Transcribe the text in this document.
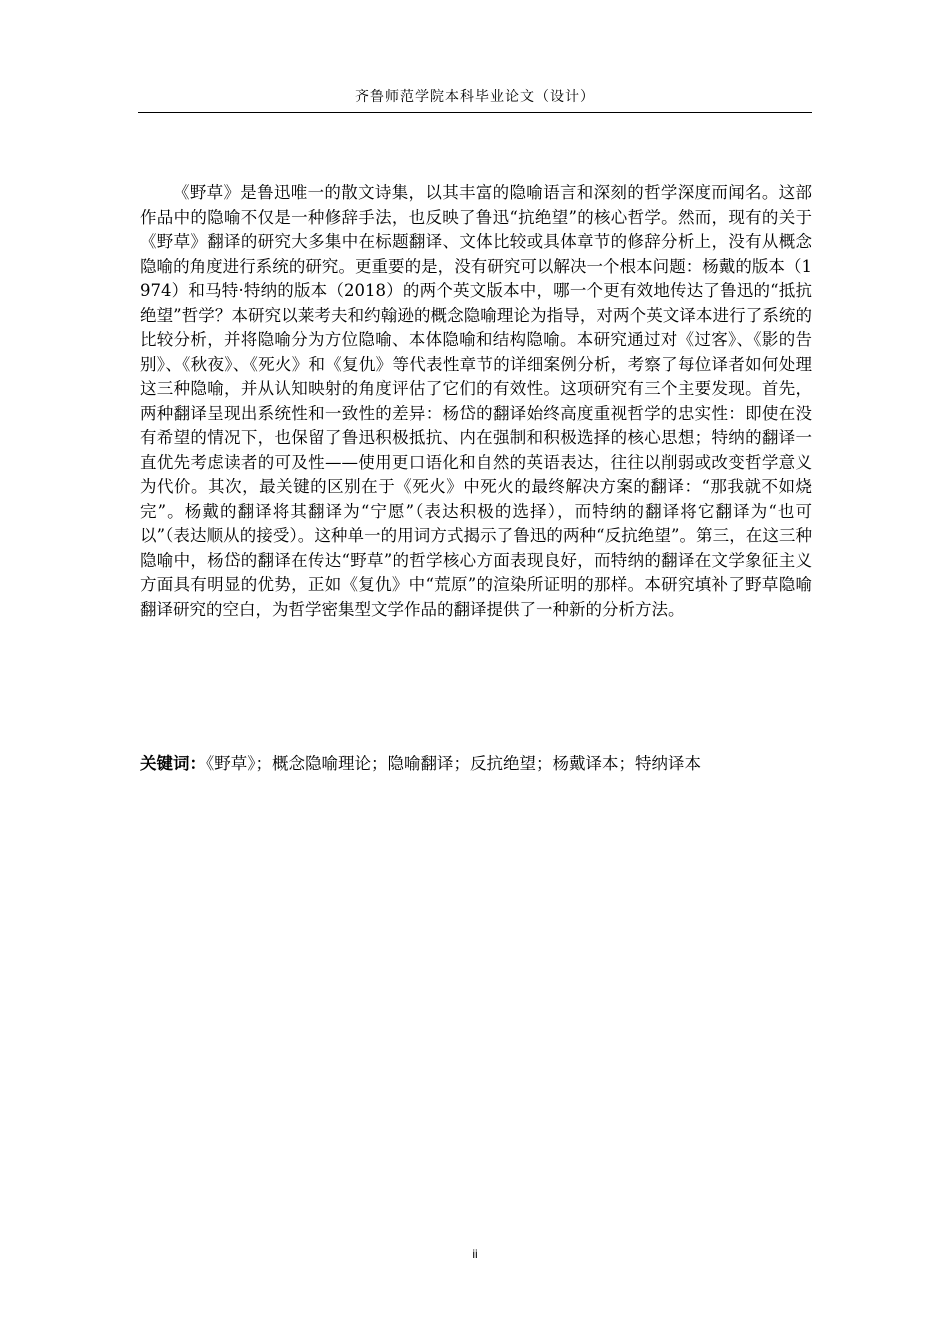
齐鲁师范学院本科毕业论文（设计）

《野草》是鲁迅唯一的散文诗集，以其丰富的隐喻语言和深刻的哲学深度而闻名。这部作品中的隐喻不仅是一种修辞手法，也反映了鲁迅“抗绝望”的核心哲学。然而，现有的关于《野草》翻译的研究大多集中在标题翻译、文体比较或具体章节的修辞分析上，没有从概念隐喻的角度进行系统的研究。更重要的是，没有研究可以解决一个根本问题：杨戴的版本（1974）和马特·特纳的版本（2018）的两个英文版本中，哪一个更有效地传达了鲁迅的“抵抗绝望”哲学？本研究以莱考夫和约翰逊的概念隐喻理论为指导，对两个英文译本进行了系统的比较分析，并将隐喻分为方位隐喻、本体隐喻和结构隐喻。本研究通过对《过客》、《影的告别》、《秋夜》、《死火》和《复仇》等代表性章节的详细案例分析，考察了每位译者如何处理这三种隐喻，并从认知映射的角度评估了它们的有效性。这项研究有三个主要发现。首先，两种翻译呈现出系统性和一致性的差异：杨岱的翻译始终高度重视哲学的忠实性：即使在没有希望的情况下，也保留了鲁迅积极抵抗、内在强制和积极选择的核心思想；特纳的翻译一直优先考虑读者的可及性——使用更口语化和自然的英语表达，往往以削弱或改变哲学意义为代价。其次，最关键的区别在于《死火》中死火的最终解决方案的翻译：“那我就不如烧完”。杨戴的翻译将其翻译为“宁愿”（表达积极的选择），而特纳的翻译将它翻译为“也可以”（表达顺从的接受）。这种单一的用词方式揭示了鲁迅的两种“反抗绝望”。第三，在这三种隐喻中，杨岱的翻译在传达“野草”的哲学核心方面表现良好，而特纳的翻译在文学象征主义方面具有明显的优势，正如《复仇》中“荒原”的渲染所证明的那样。本研究填补了野草隐喻翻译研究的空白，为哲学密集型文学作品的翻译提供了一种新的分析方法。

关键词：《野草》；概念隐喻理论；隐喻翻译；反抗绝望；杨戴译本；特纳译本

ii
